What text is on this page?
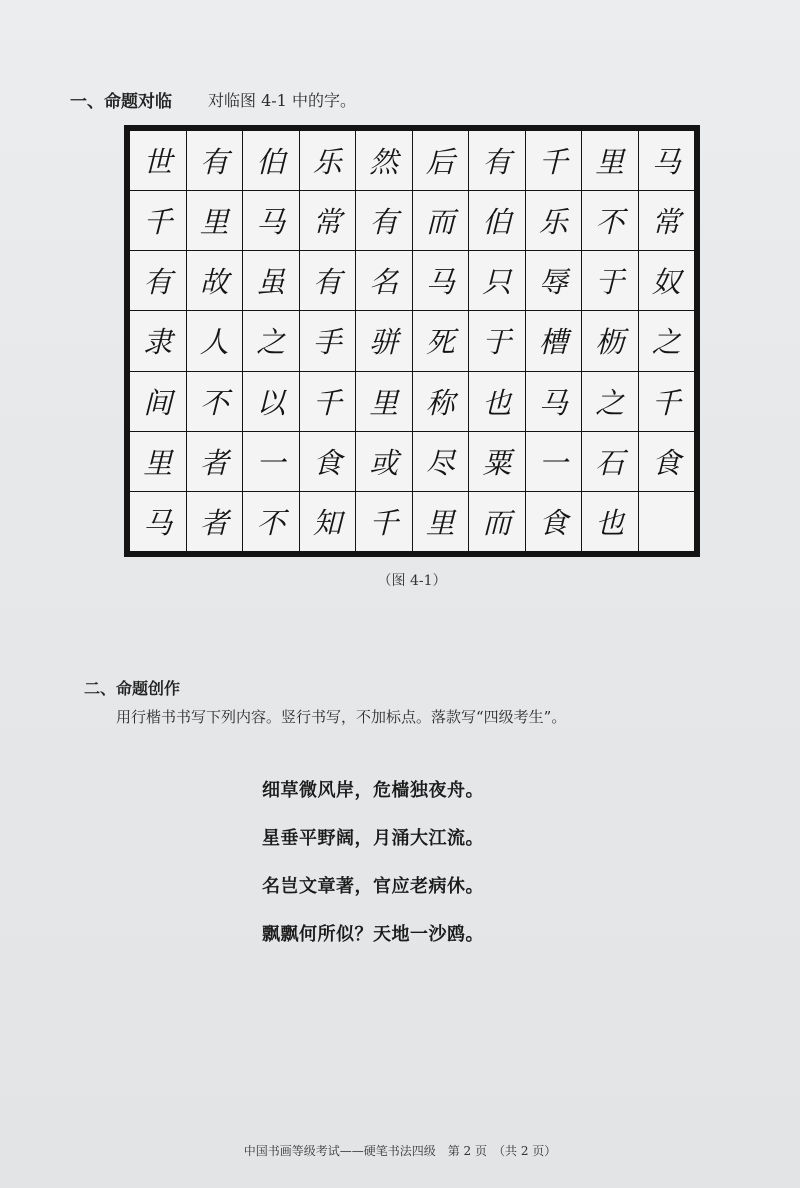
一、命题对临 对临图 4-1 中的字。
世 有 伯 乐 然 后 有 千 里 马
千 里 马 常 有 而 伯 乐 不 常
有 故 虽 有 名 马 只 辱 于 奴
隶 人 之 手 骈 死 于 槽 枥 之
间 不 以 千 里 称 也 马 之 千
里 者 一 食 或 尽 粟 一 石 食
马 者 不 知 千 里 而 食 也
（图 4-1）
二、命题创作
用行楷书书写下列内容。竖行书写，不加标点。落款写“四级考生”。
细草微风岸，危樯独夜舟。
星垂平野阔，月涌大江流。
名岂文章著，官应老病休。
飘飘何所似？天地一沙鸥。
中国书画等级考试——硬笔书法四级　第 2 页　（共 2 页）
